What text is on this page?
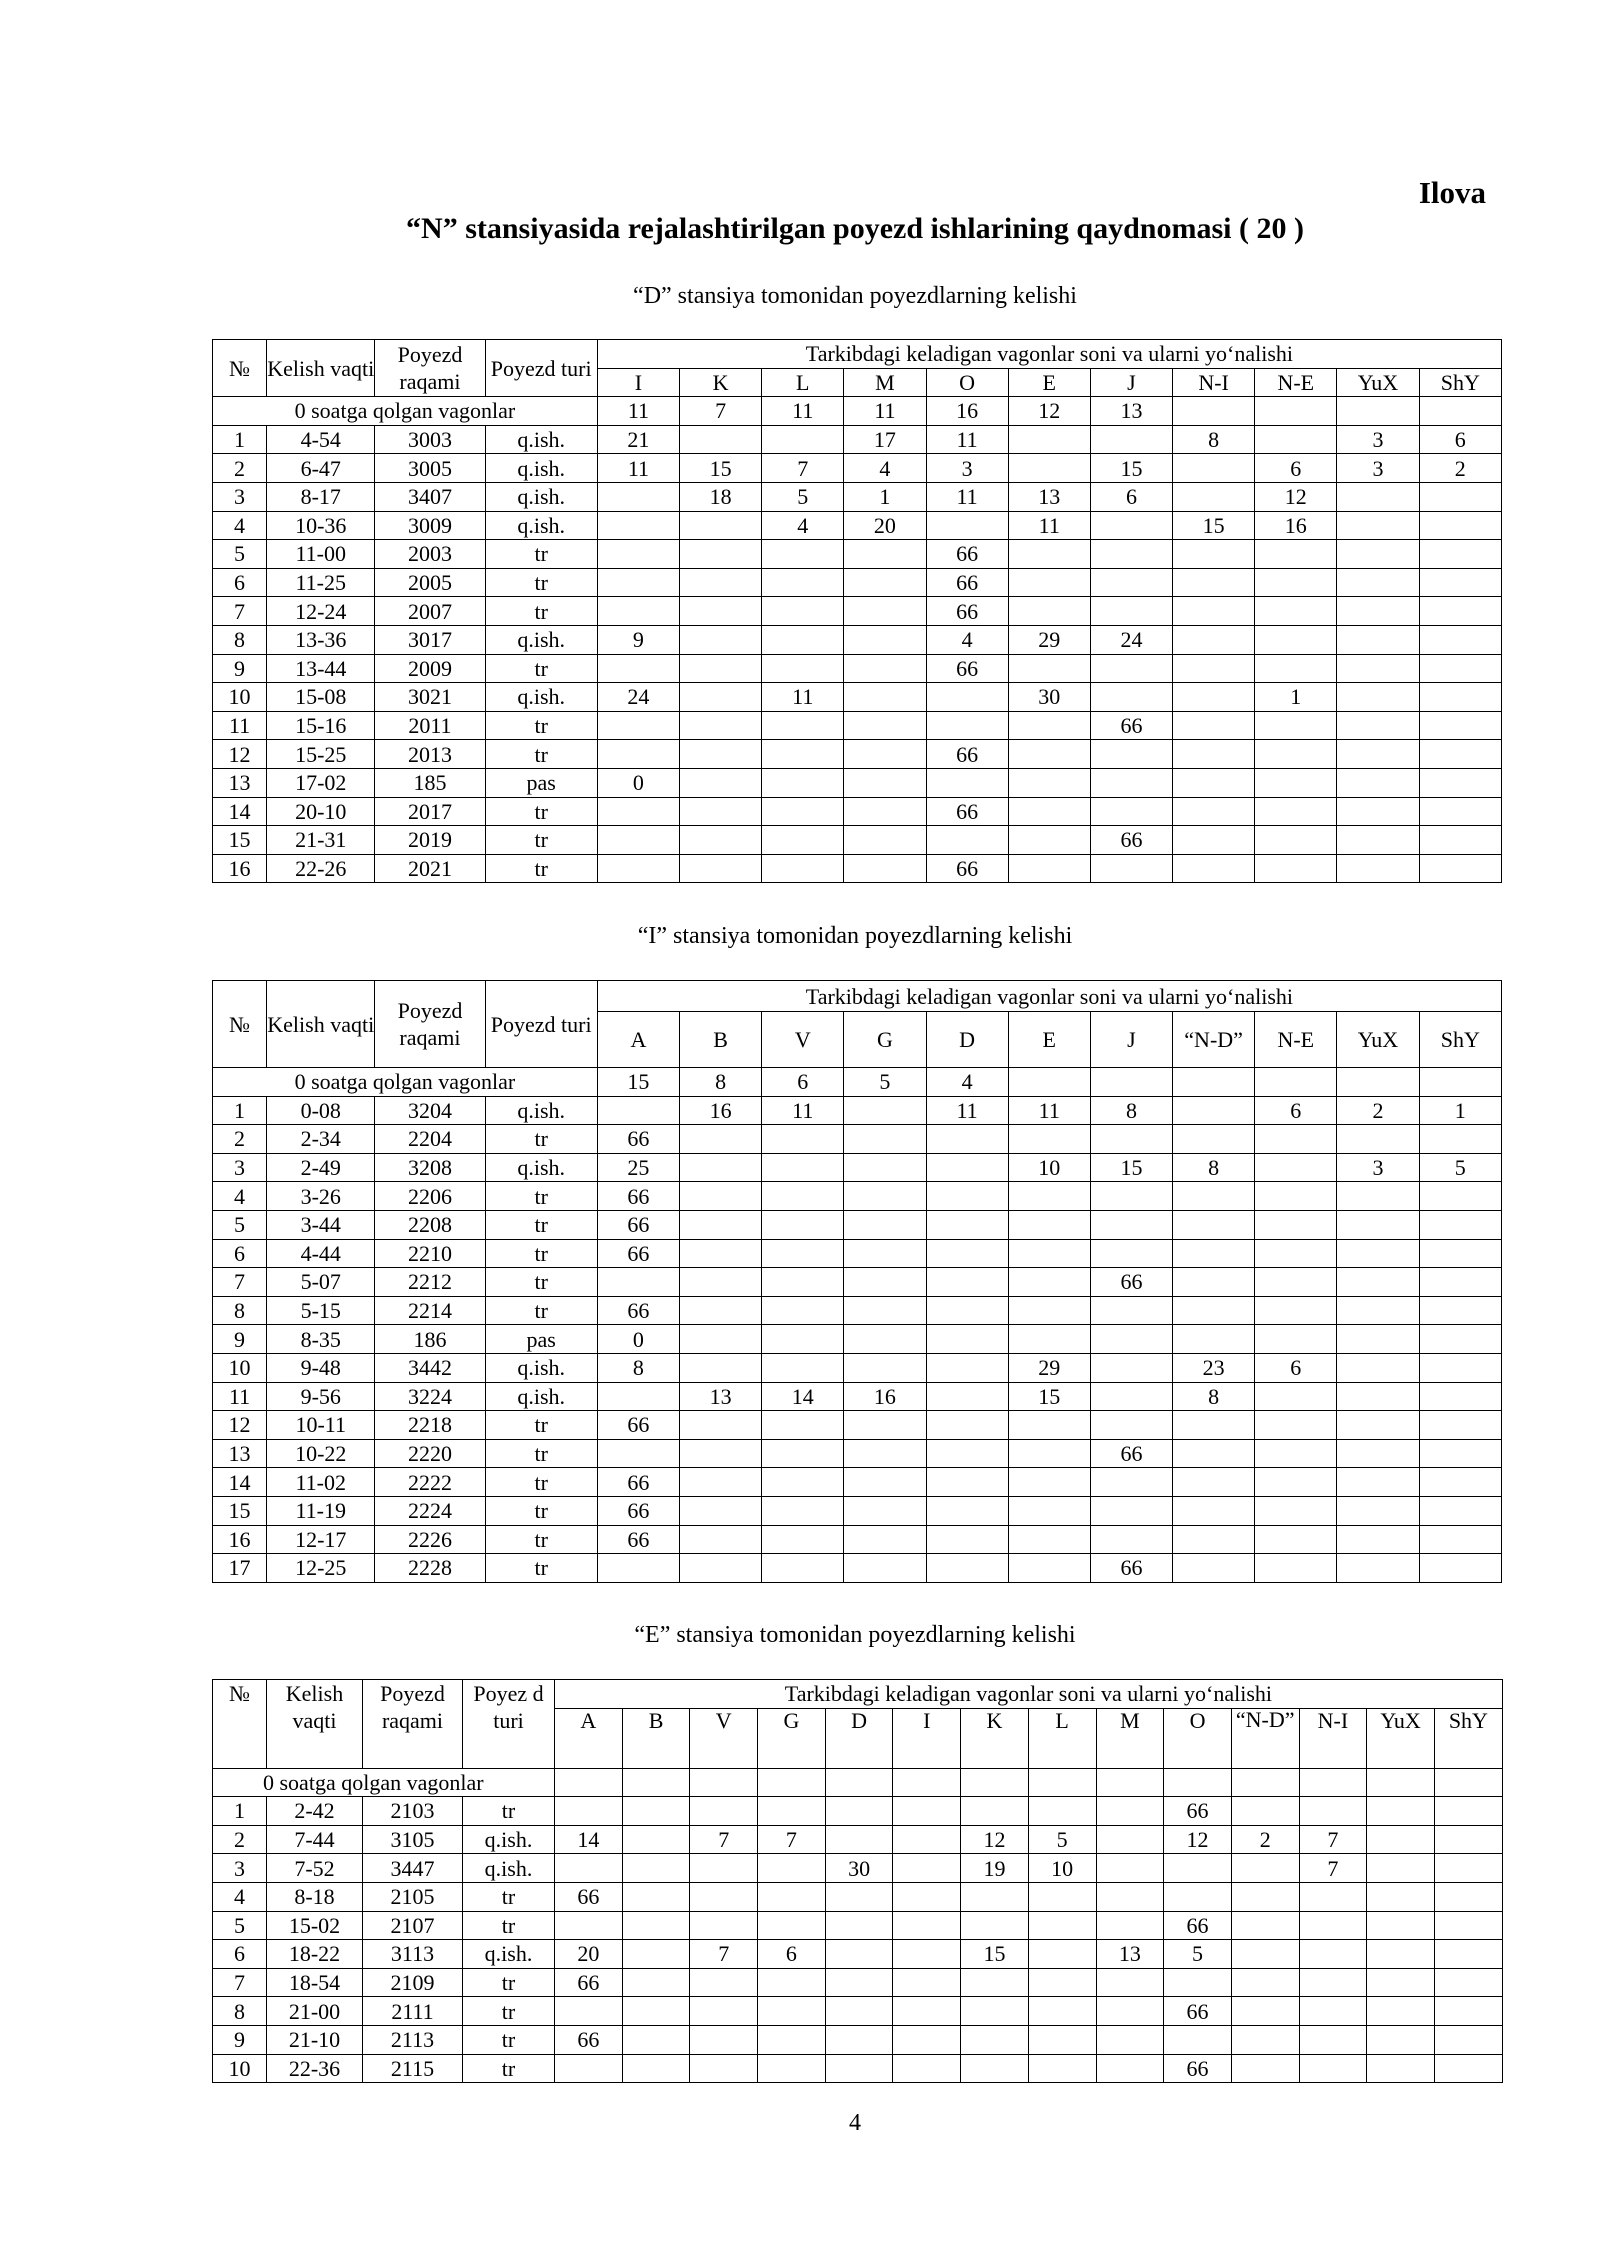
Ilova
“N” stansiyasida rejalashtirilgan poyezd ishlarining qaydnomasi ( 20 )
“D” stansiya tomonidan poyezdlarning kelishi
№	Kelish vaqti	Poyezd raqami	Poyezd turi	Tarkibdagi keladigan vagonlar soni va ularni yo‘nalishi										
				I	K	L	M	O	E	J	N-I	N-E	YuX	ShY
0 soatga qolgan vagonlar				11	7	11	11	16	12	13				
1	4-54	3003	q.ish.	21			17	11			8		3	6
2	6-47	3005	q.ish.	11	15	7	4	3		15		6	3	2
3	8-17	3407	q.ish.		18	5	1	11	13	6		12		
4	10-36	3009	q.ish.			4	20		11		15	16		
5	11-00	2003	tr					66						
6	11-25	2005	tr					66						
7	12-24	2007	tr					66						
8	13-36	3017	q.ish.	9				4	29	24				
9	13-44	2009	tr					66						
10	15-08	3021	q.ish.	24		11			30			1		
11	15-16	2011	tr							66				
12	15-25	2013	tr					66						
13	17-02	185	pas	0										
14	20-10	2017	tr					66						
15	21-31	2019	tr							66				
16	22-26	2021	tr					66						
“I” stansiya tomonidan poyezdlarning kelishi
№	Kelish vaqti	Poyezd raqami	Poyezd turi	Tarkibdagi keladigan vagonlar soni va ularni yo‘nalishi										
				A	B	V	G	D	E	J	“N-D”	N-E	YuX	ShY
0 soatga qolgan vagonlar				15	8	6	5	4						
1	0-08	3204	q.ish.		16	11		11	11	8		6	2	1
2	2-34	2204	tr	66										
3	2-49	3208	q.ish.	25					10	15	8		3	5
4	3-26	2206	tr	66										
5	3-44	2208	tr	66										
6	4-44	2210	tr	66										
7	5-07	2212	tr							66				
8	5-15	2214	tr	66										
9	8-35	186	pas	0										
10	9-48	3442	q.ish.	8					29		23	6		
11	9-56	3224	q.ish.		13	14	16		15		8			
12	10-11	2218	tr	66										
13	10-22	2220	tr							66				
14	11-02	2222	tr	66										
15	11-19	2224	tr	66										
16	12-17	2226	tr	66										
17	12-25	2228	tr							66				
“E” stansiya tomonidan poyezdlarning kelishi
№	Kelish vaqti	Poyezd raqami	Poyez d turi	Tarkibdagi keladigan vagonlar soni va ularni yo‘nalishi													
				A	B	V	G	D	I	K	L	M	O	“N-D”	N-I	YuX	ShY
0 soatga qolgan vagonlar																	
1	2-42	2103	tr										66				
2	7-44	3105	q.ish.	14		7	7			12	5		12	2	7		
3	7-52	3447	q.ish.					30		19	10				7		
4	8-18	2105	tr	66													
5	15-02	2107	tr										66				
6	18-22	3113	q.ish.	20		7	6			15		13	5				
7	18-54	2109	tr	66													
8	21-00	2111	tr										66				
9	21-10	2113	tr	66													
10	22-36	2115	tr										66				
4
